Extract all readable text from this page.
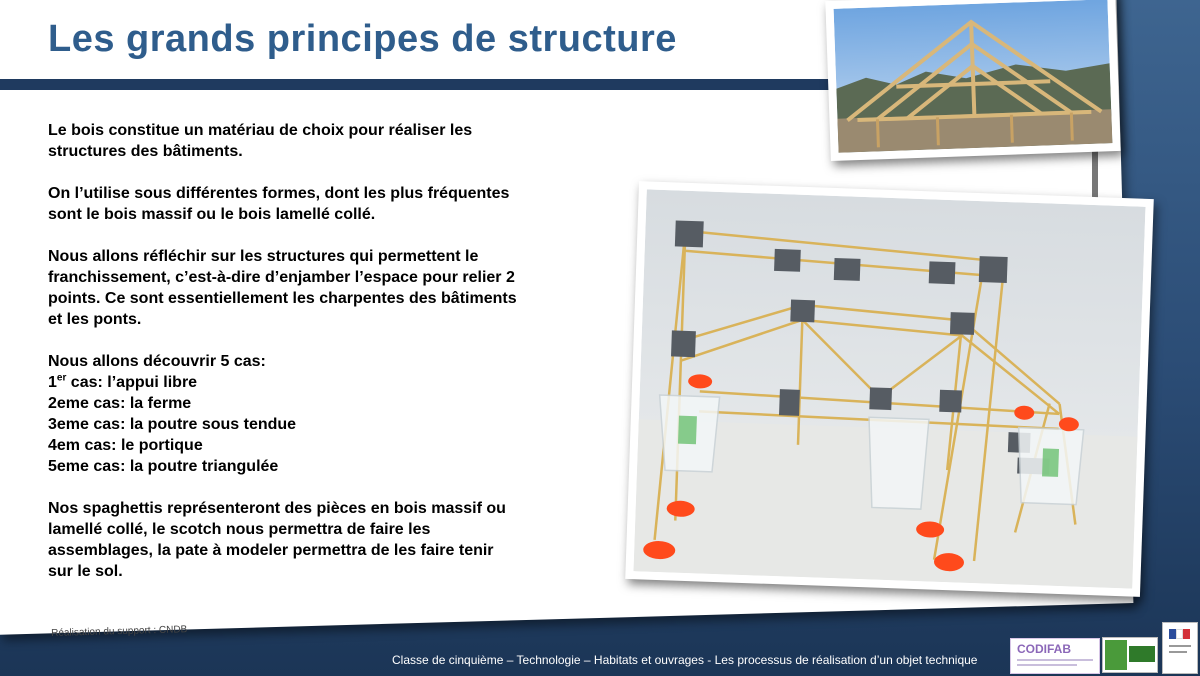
Les grands principes de structure

Le bois constitue un matériau de choix pour réaliser les
structures des bâtiments.

On l’utilise sous différentes formes, dont les plus fréquentes
sont le bois massif ou le bois lamellé collé.

Nous allons réfléchir sur les structures qui permettent le
franchissement, c’est-à-dire d’enjamber l’espace pour relier 2
points. Ce sont essentiellement les charpentes des bâtiments
et les ponts.

Nous allons découvrir 5 cas:

1er cas: l’appui libre

2eme cas: la ferme

3eme cas: la poutre sous tendue

4em cas: le portique

5eme cas: la poutre triangulée

Nos spaghettis représenteront des pièces en bois massif ou
lamellé collé, le scotch nous permettra de faire les
assemblages, la pate à modeler permettra de les faire tenir
sur le sol.

Réalisation du support : CNDB
Classe de cinquième – Technologie – Habitats et ouvrages - Les processus de réalisation d’un objet technique
CODIFAB
